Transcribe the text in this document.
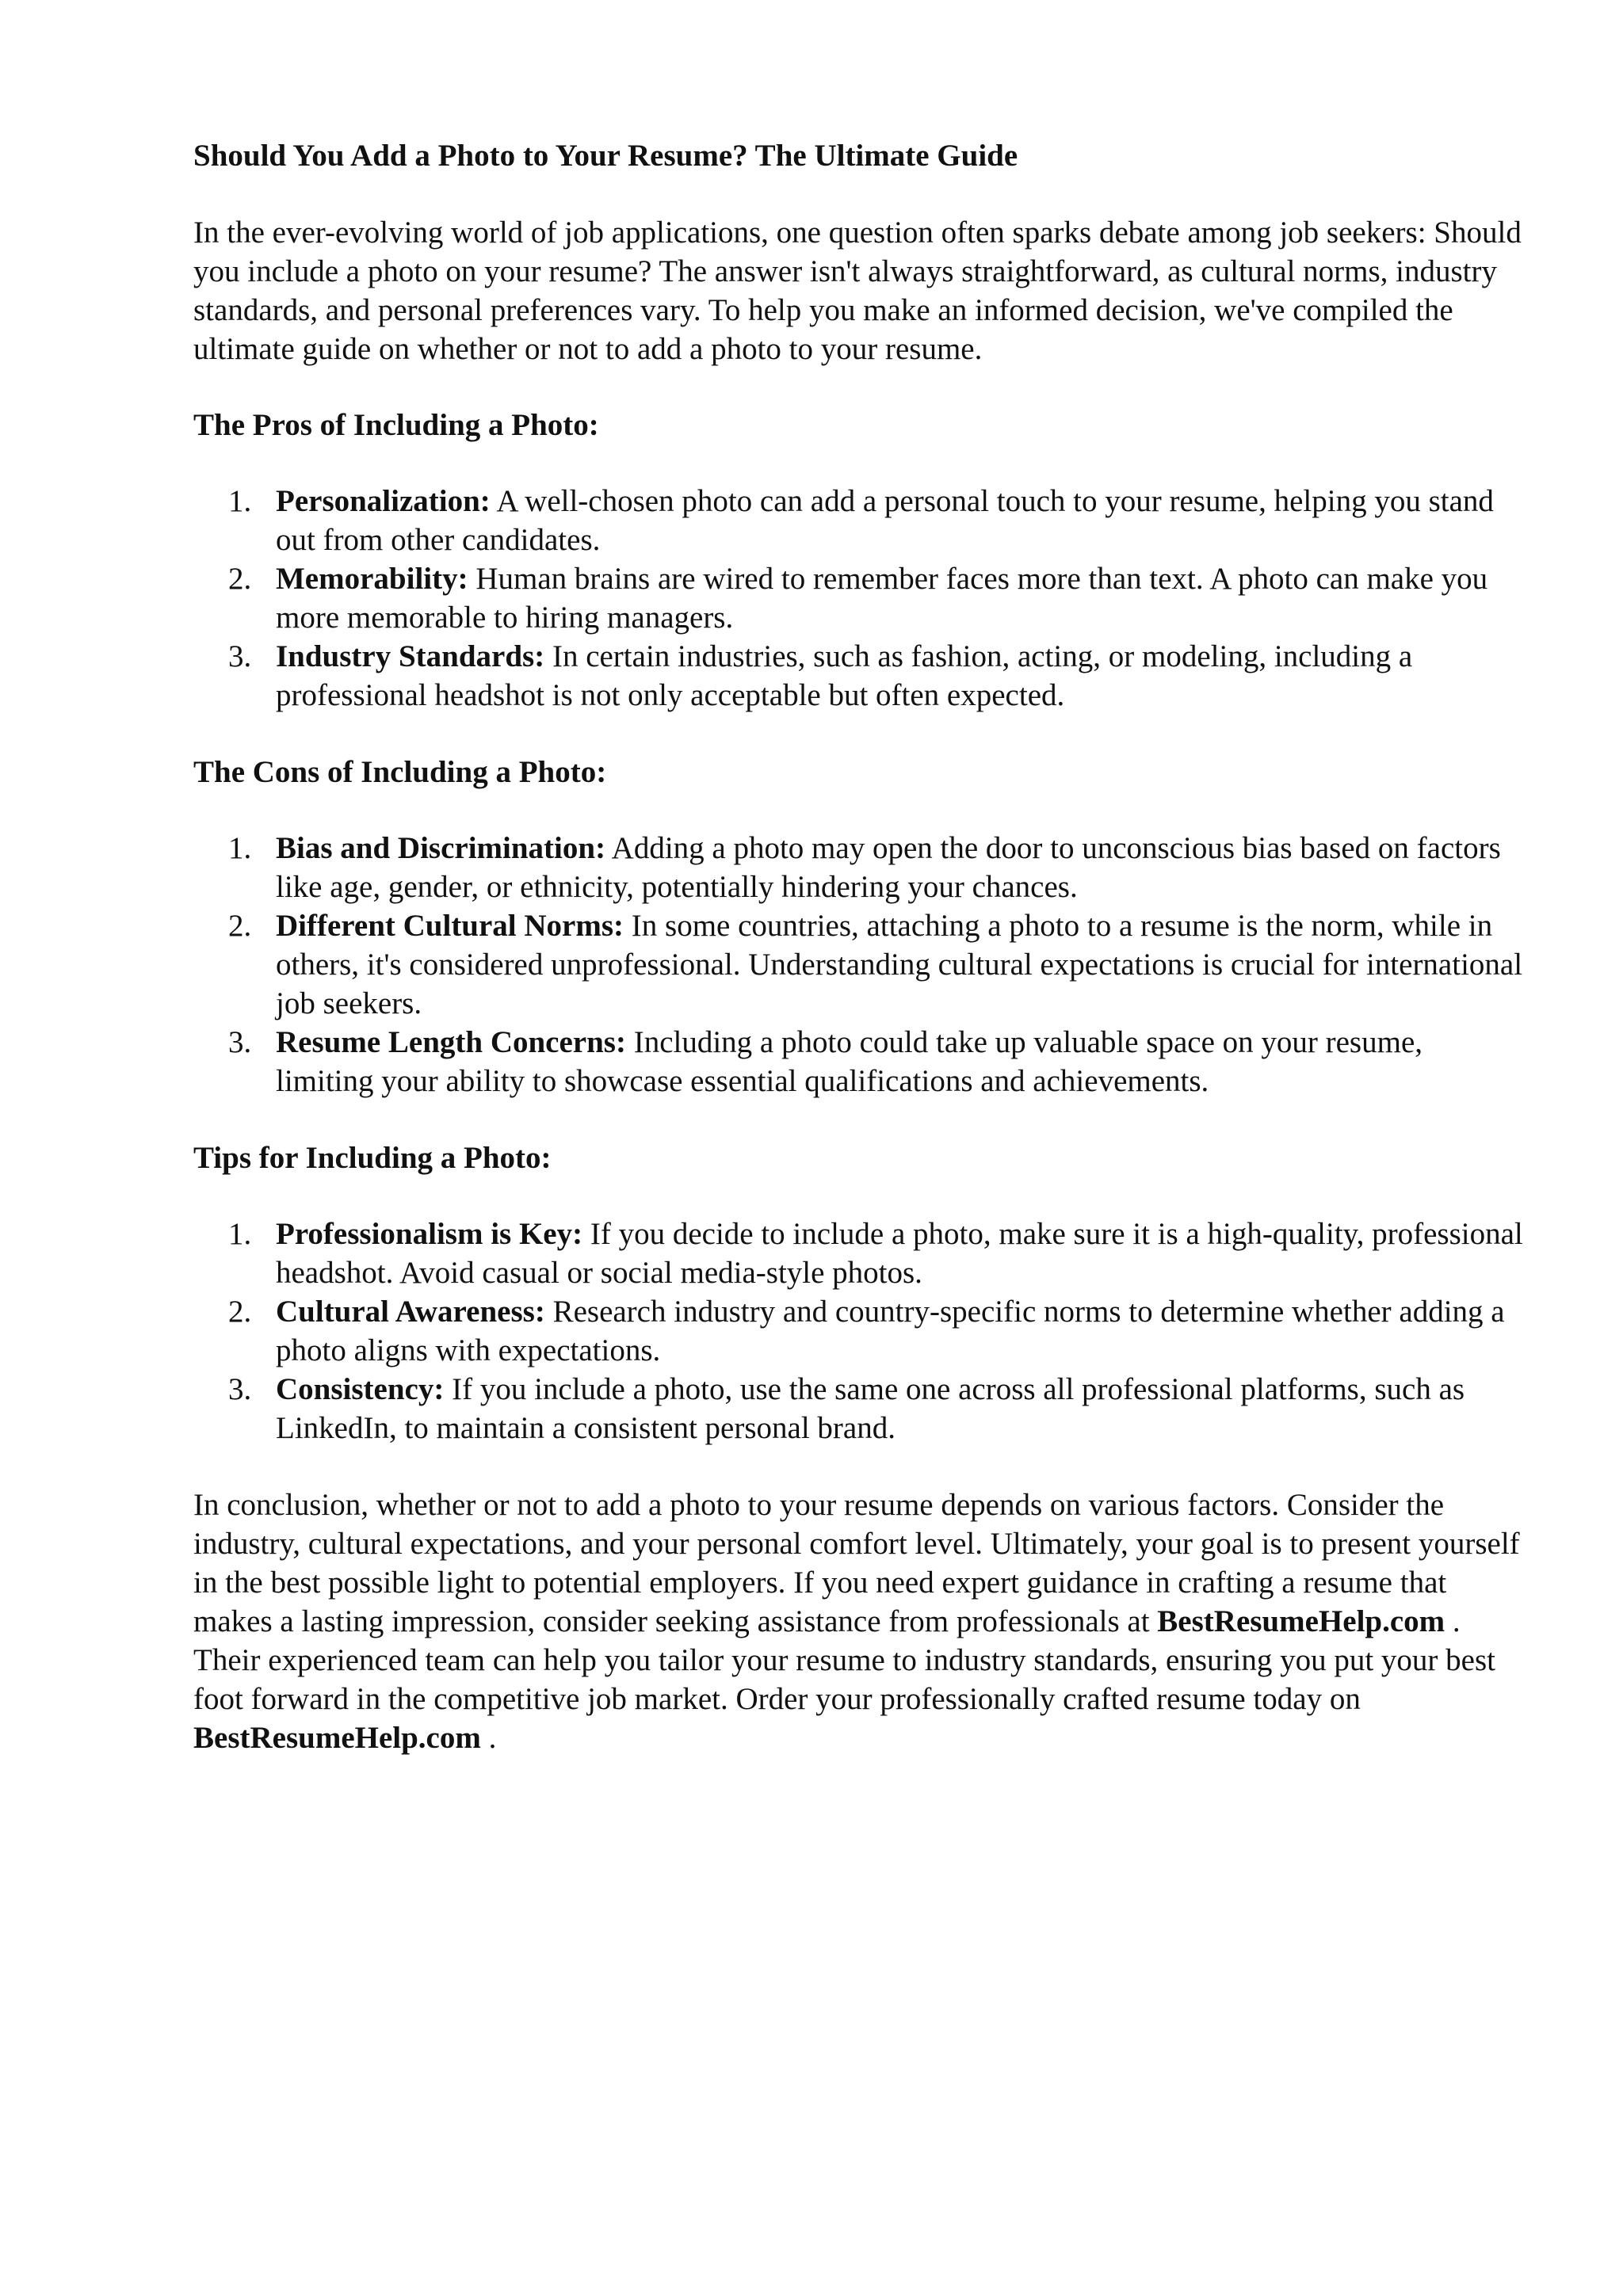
Should You Add a Photo to Your Resume? The Ultimate Guide

In the ever-evolving world of job applications, one question often sparks debate among job seekers: Should you include a photo on your resume? The answer isn't always straightforward, as cultural norms, industry standards, and personal preferences vary. To help you make an informed decision, we've compiled the ultimate guide on whether or not to add a photo to your resume.

The Pros of Including a Photo:
1. Personalization: A well-chosen photo can add a personal touch to your resume, helping you stand out from other candidates.
2. Memorability: Human brains are wired to remember faces more than text. A photo can make you more memorable to hiring managers.
3. Industry Standards: In certain industries, such as fashion, acting, or modeling, including a professional headshot is not only acceptable but often expected.
The Cons of Including a Photo:
1. Bias and Discrimination: Adding a photo may open the door to unconscious bias based on factors like age, gender, or ethnicity, potentially hindering your chances.
2. Different Cultural Norms: In some countries, attaching a photo to a resume is the norm, while in others, it's considered unprofessional. Understanding cultural expectations is crucial for international job seekers.
3. Resume Length Concerns: Including a photo could take up valuable space on your resume, limiting your ability to showcase essential qualifications and achievements.
Tips for Including a Photo:
1. Professionalism is Key: If you decide to include a photo, make sure it is a high-quality, professional headshot. Avoid casual or social media-style photos.
2. Cultural Awareness: Research industry and country-specific norms to determine whether adding a photo aligns with expectations.
3. Consistency: If you include a photo, use the same one across all professional platforms, such as LinkedIn, to maintain a consistent personal brand.

In conclusion, whether or not to add a photo to your resume depends on various factors. Consider the industry, cultural expectations, and your personal comfort level. Ultimately, your goal is to present yourself in the best possible light to potential employers. If you need expert guidance in crafting a resume that makes a lasting impression, consider seeking assistance from professionals at BestResumeHelp.com . Their experienced team can help you tailor your resume to industry standards, ensuring you put your best foot forward in the competitive job market. Order your professionally crafted resume today on BestResumeHelp.com .
